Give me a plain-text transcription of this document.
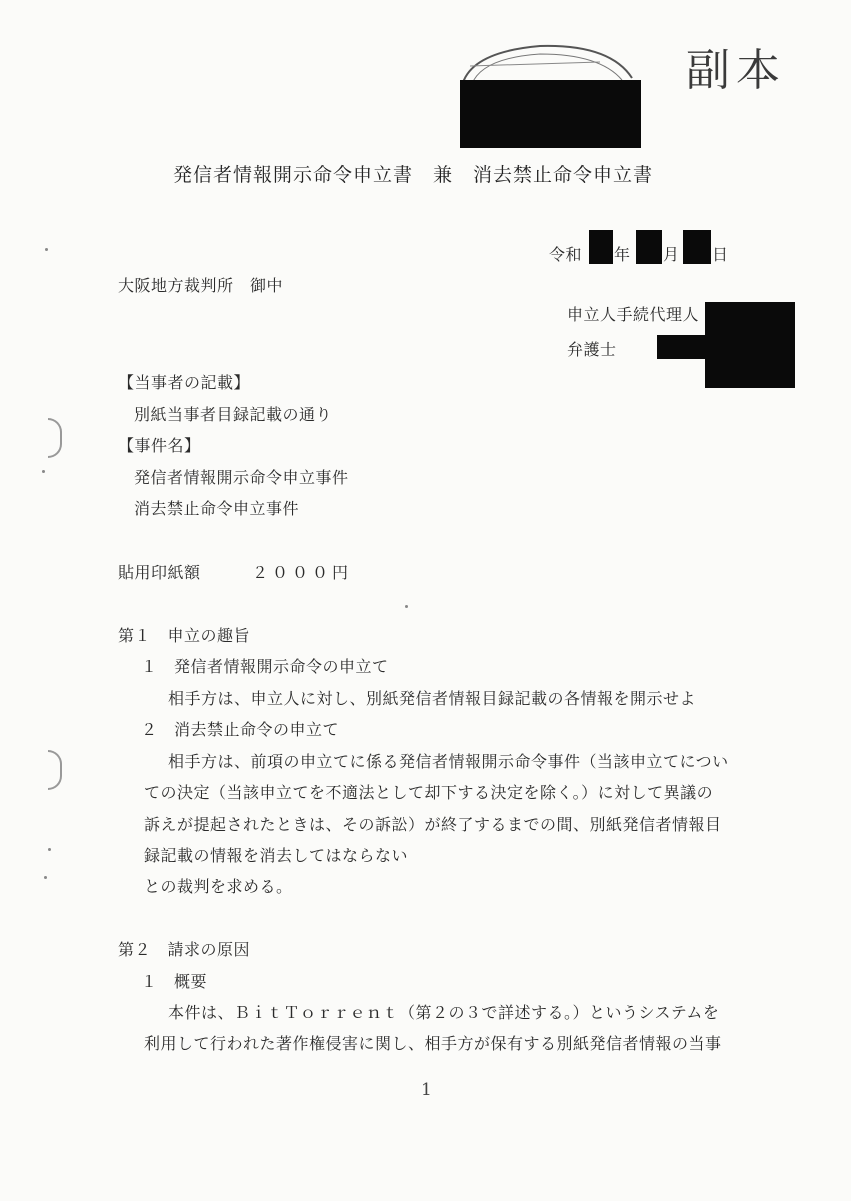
副本
発信者情報開示命令申立書　兼　消去禁止命令申立書
令和 年 月 日
大阪地方裁判所　御中
申立人手続代理人
弁護士
【当事者の記載】
別紙当事者目録記載の通り
【事件名】
発信者情報開示命令申立事件
消去禁止命令申立事件
貼用印紙額	２０００円
第１　申立の趣旨
１　発信者情報開示命令の申立て
相手方は、申立人に対し、別紙発信者情報目録記載の各情報を開示せよ
２　消去禁止命令の申立て
相手方は、前項の申立てに係る発信者情報開示命令事件（当該申立てについ
ての決定（当該申立てを不適法として却下する決定を除く。）に対して異議の
訴えが提起されたときは、その訴訟）が終了するまでの間、別紙発信者情報目
録記載の情報を消去してはならない
との裁判を求める。
第２　請求の原因
１　概要
本件は、ＢｉｔＴｏｒｒｅｎｔ（第２の３で詳述する。）というシステムを
利用して行われた著作権侵害に関し、相手方が保有する別紙発信者情報の当事
1
